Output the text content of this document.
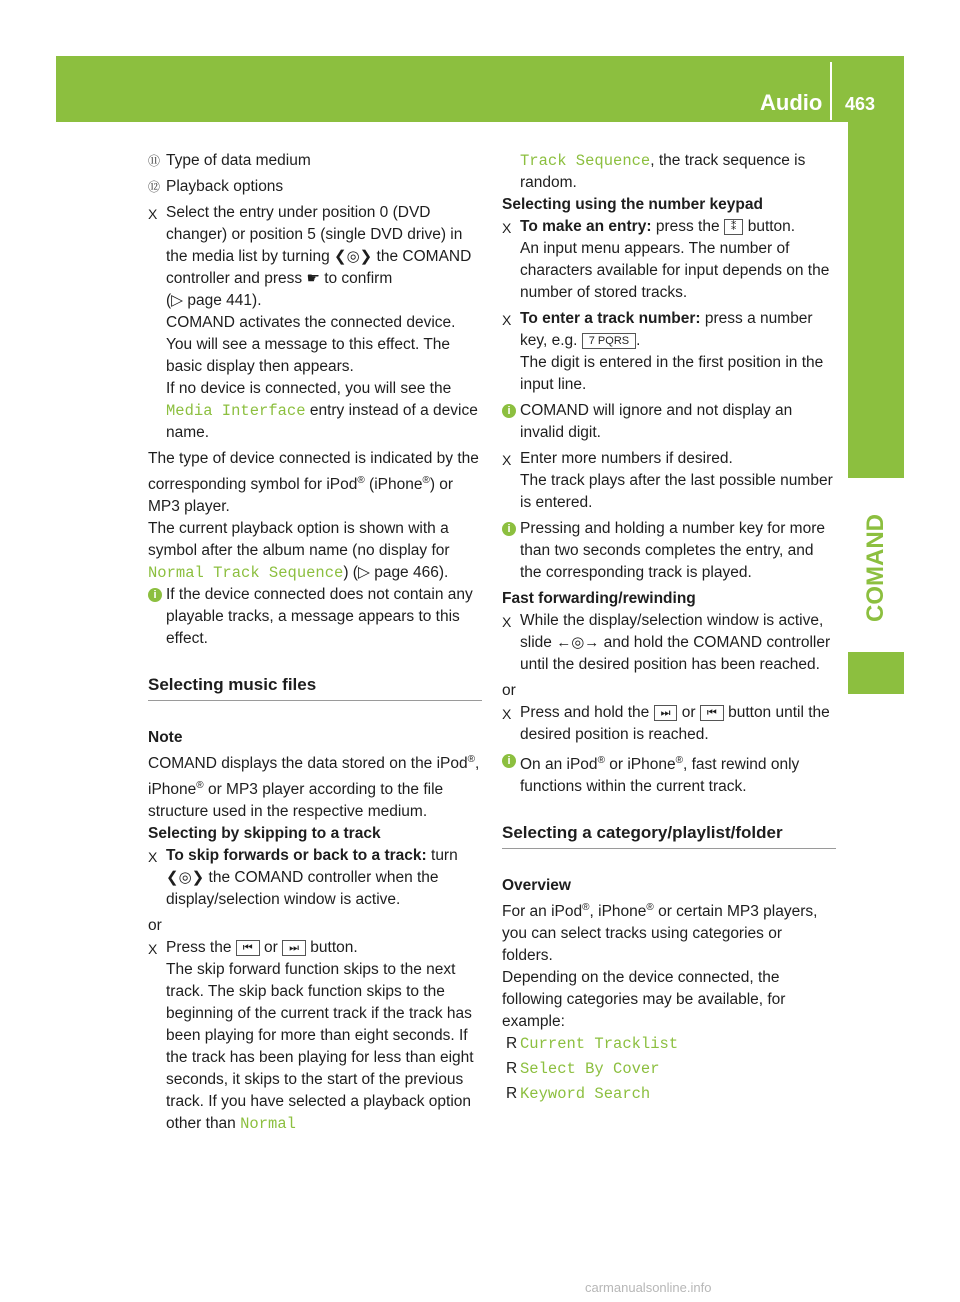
Audio 463
COMAND
⑪ Type of data medium
⑫ Playback options
X Select the entry under position 0 (DVD changer) or position 5 (single DVD drive) in the media list by turning ❮◎❯ the COMAND controller and press ☛ to confirm
(▷ page 441).
COMAND activates the connected device. You will see a message to this effect. The basic display then appears.
If no device is connected, you will see the Media Interface entry instead of a device name.

The type of device connected is indicated by the corresponding symbol for iPod® (iPhone®) or MP3 player.

The current playback option is shown with a symbol after the album name (no display for Normal Track Sequence) (▷ page 466).

i If the device connected does not contain any playable tracks, a message appears to this effect.
Selecting music files

Note

COMAND displays the data stored on the iPod®, iPhone® or MP3 player according to the file structure used in the respective medium.

Selecting by skipping to a track

X To skip forwards or back to a track: turn ❮◎❯ the COMAND controller when the display/selection window is active.

or

X Press the ⏮ or ⏭ button.
The skip forward function skips to the next track. The skip back function skips to the beginning of the current track if the track has been playing for more than eight seconds. If the track has been playing for less than eight seconds, it skips to the start of the previous track. If you have selected a playback option other than Normal

Track Sequence, the track sequence is random.

Selecting using the number keypad

X To make an entry: press the ⁑ button.
An input menu appears. The number of characters available for input depends on the number of stored tracks.
X To enter a track number: press a number key, e.g. 7 PQRS .
The digit is entered in the first position in the input line.
i COMAND will ignore and not display an invalid digit.
X Enter more numbers if desired.
The track plays after the last possible number is entered.
i Pressing and holding a number key for more than two seconds completes the entry, and the corresponding track is played.

Fast forwarding/rewinding

X While the display/selection window is active, slide ←◎→ and hold the COMAND controller until the desired position has been reached.

or

X Press and hold the ⏭ or ⏮ button until the desired position is reached.
i On an iPod® or iPhone®, fast rewind only functions within the current track.
Selecting a category/playlist/folder

Overview

For an iPod®, iPhone® or certain MP3 players, you can select tracks using categories or folders.

Depending on the device connected, the following categories may be available, for example:

R Current Tracklist
R Select By Cover
R Keyword Search
carmanualsonline.info
